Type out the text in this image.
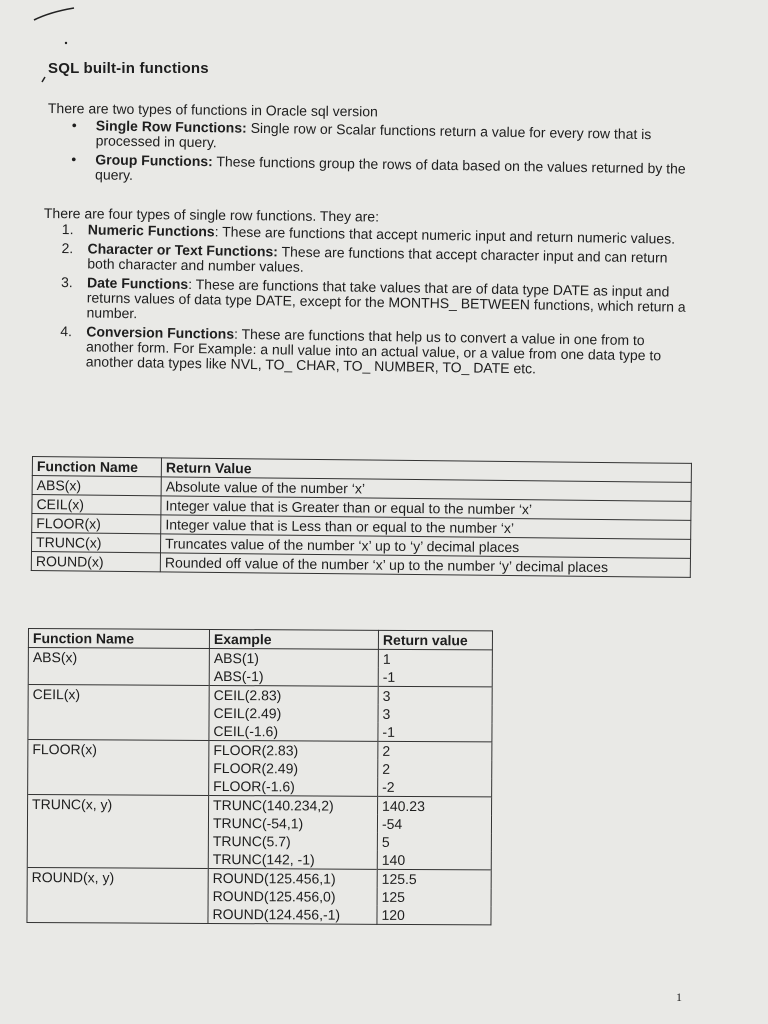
SQL built-in functions
There are two types of functions in Oracle sql version
• Single Row Functions: Single row or Scalar functions return a value for every row that is processed in query.
• Group Functions: These functions group the rows of data based on the values returned by the query.
There are four types of single row functions. They are:
1. Numeric Functions: These are functions that accept numeric input and return numeric values.
2. Character or Text Functions: These are functions that accept character input and can return both character and number values.
3. Date Functions: These are functions that take values that are of data type DATE as input and returns values of data type DATE, except for the MONTHS_ BETWEEN functions, which return a number.
4. Conversion Functions: These are functions that help us to convert a value in one from to another form. For Example: a null value into an actual value, or a value from one data type to another data types like NVL, TO_ CHAR, TO_ NUMBER, TO_ DATE etc.
Function Name	Return Value
ABS(x)	Absolute value of the number ‘x’
CEIL(x)	Integer value that is Greater than or equal to the number ‘x’
FLOOR(x)	Integer value that is Less than or equal to the number ‘x’
TRUNC(x)	Truncates value of the number ‘x’ up to ‘y’ decimal places
ROUND(x)	Rounded off value of the number ‘x’ up to the number ‘y’ decimal places
Function Name	Example	Return value
ABS(x)	ABS(1)	1
	ABS(-1)	-1
CEIL(x)	CEIL(2.83)	3
	CEIL(2.49)	3
	CEIL(-1.6)	-1
FLOOR(x)	FLOOR(2.83)	2
	FLOOR(2.49)	2
	FLOOR(-1.6)	-2
TRUNC(x, y)	TRUNC(140.234,2)	140.23
	TRUNC(-54,1)	-54
	TRUNC(5.7)	5
	TRUNC(142, -1)	140
ROUND(x, y)	ROUND(125.456,1)	125.5
	ROUND(125.456,0)	125
	ROUND(124.456,-1)	120
1
